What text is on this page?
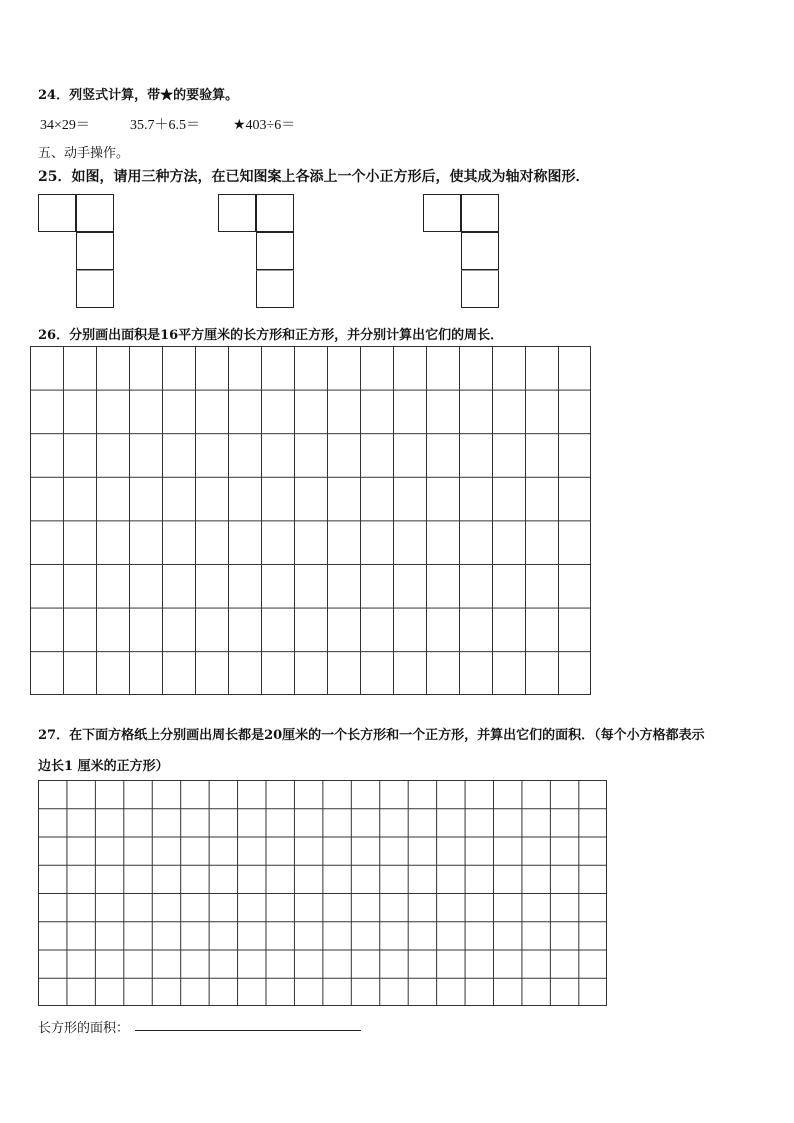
24．列竖式计算，带★的要验算。
34×29＝	35.7＋6.5＝ ★403÷6＝
五、动手操作。
25．如图，请用三种方法，在已知图案上各添上一个小正方形后，使其成为轴对称图形．
26．分别画出面积是16平方厘米的长方形和正方形，并分别计算出它们的周长．
27．在下面方格纸上分别画出周长都是20厘米的一个长方形和一个正方形，并算出它们的面积．（每个小方格都表示
边长1 厘米的正方形）
长方形的面积：
